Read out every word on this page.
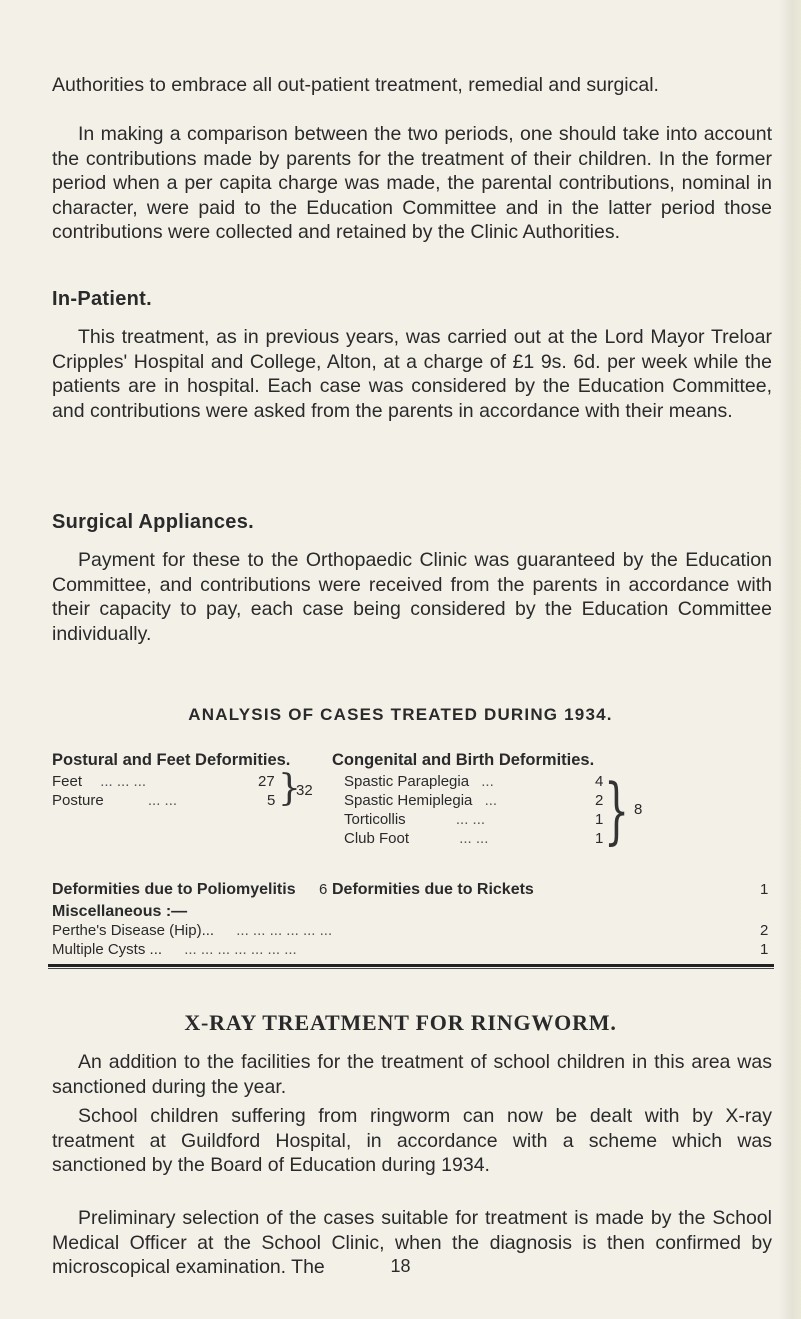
Authorities to embrace all out-patient treatment, remedial and surgical.

In making a comparison between the two periods, one should take into account the contributions made by parents for the treatment of their children. In the former period when a per capita charge was made, the parental contributions, nominal in character, were paid to the Education Committee and in the latter period those contributions were collected and retained by the Clinic Authorities.

In-Patient.

This treatment, as in previous years, was carried out at the Lord Mayor Treloar Cripples' Hospital and College, Alton, at a charge of £1 9s. 6d. per week while the patients are in hospital. Each case was considered by the Education Committee, and contributions were asked from the parents in accordance with their means.

Surgical Appliances.

Payment for these to the Orthopaedic Clinic was guaranteed by the Education Committee, and contributions were received from the parents in accordance with their capacity to pay, each case being considered by the Education Committee individually.

ANALYSIS OF CASES TREATED DURING 1934.
Postural and Feet Deformities.
Feet ... ... ...	27
Posture	... ...	5 }
32
Congenital and Birth Deformities.
Spastic Paraplegia ...	4
Spastic Hemiplegia ...	2
Torticollis	... ...	1
Club Foot	... ...	1 } 8
Deformities due to Poliomyelitis 6 Deformities due to Rickets	1
Miscellaneous :—
Perthe's Disease (Hip)... ... ... ... ... ... ...	2
Multiple Cysts ... ... ... ... ... ... ... ...	1
X-RAY TREATMENT FOR RINGWORM.

An addition to the facilities for the treatment of school children in this area was sanctioned during the year.

School children suffering from ringworm can now be dealt with by X-ray treatment at Guildford Hospital, in accordance with a scheme which was sanctioned by the Board of Education during 1934.

Preliminary selection of the cases suitable for treatment is made by the School Medical Officer at the School Clinic, when the diagnosis is then confirmed by microscopical examination. The	18
